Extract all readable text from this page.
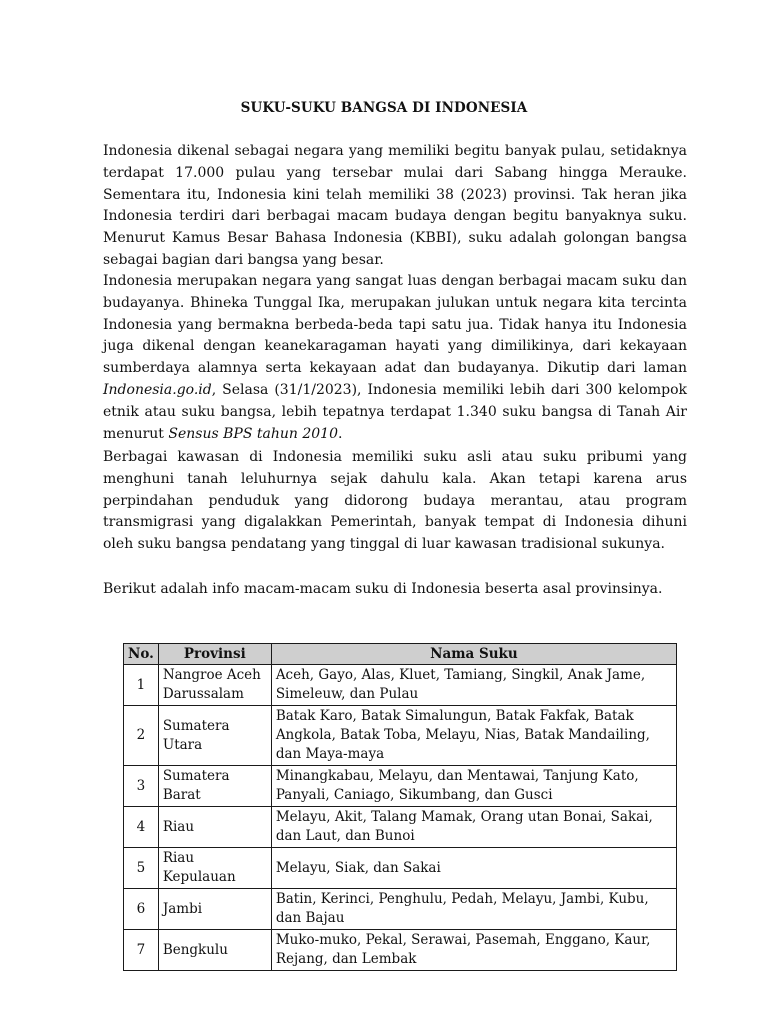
SUKU-SUKU BANGSA DI INDONESIA

Indonesia dikenal sebagai negara yang memiliki begitu banyak pulau, setidaknya terdapat 17.000 pulau yang tersebar mulai dari Sabang hingga Merauke. Sementara itu, Indonesia kini telah memiliki 38 (2023) provinsi. Tak heran jika Indonesia terdiri dari berbagai macam budaya dengan begitu banyaknya suku. Menurut Kamus Besar Bahasa Indonesia (KBBI), suku adalah golongan bangsa sebagai bagian dari bangsa yang besar.

Indonesia merupakan negara yang sangat luas dengan berbagai macam suku dan budayanya. Bhineka Tunggal Ika, merupakan julukan untuk negara kita tercinta Indonesia yang bermakna berbeda-beda tapi satu jua. Tidak hanya itu Indonesia juga dikenal dengan keanekaragaman hayati yang dimilikinya, dari kekayaan sumberdaya alamnya serta kekayaan adat dan budayanya. Dikutip dari laman Indonesia.go.id, Selasa (31/1/2023), Indonesia memiliki lebih dari 300 kelompok etnik atau suku bangsa, lebih tepatnya terdapat 1.340 suku bangsa di Tanah Air menurut Sensus BPS tahun 2010.

Berbagai kawasan di Indonesia memiliki suku asli atau suku pribumi yang menghuni tanah leluhurnya sejak dahulu kala. Akan tetapi karena arus perpindahan penduduk yang didorong budaya merantau, atau program transmigrasi yang digalakkan Pemerintah, banyak tempat di Indonesia dihuni oleh suku bangsa pendatang yang tinggal di luar kawasan tradisional sukunya.

Berikut adalah info macam-macam suku di Indonesia beserta asal provinsinya.

No.	Provinsi	Nama Suku
1	Nangroe Aceh Darussalam	Aceh, Gayo, Alas, Kluet, Tamiang, Singkil, Anak Jame, Simeleuw, dan Pulau
2	Sumatera Utara	Batak Karo, Batak Simalungun, Batak Fakfak, Batak Angkola, Batak Toba, Melayu, Nias, Batak Mandailing, dan Maya-maya
3	Sumatera Barat	Minangkabau, Melayu, dan Mentawai, Tanjung Kato, Panyali, Caniago, Sikumbang, dan Gusci
4	Riau	Melayu, Akit, Talang Mamak, Orang utan Bonai, Sakai, dan Laut, dan Bunoi
5	Riau Kepulauan	Melayu, Siak, dan Sakai
6	Jambi	Batin, Kerinci, Penghulu, Pedah, Melayu, Jambi, Kubu, dan Bajau
7	Bengkulu	Muko-muko, Pekal, Serawai, Pasemah, Enggano, Kaur, Rejang, dan Lembak
